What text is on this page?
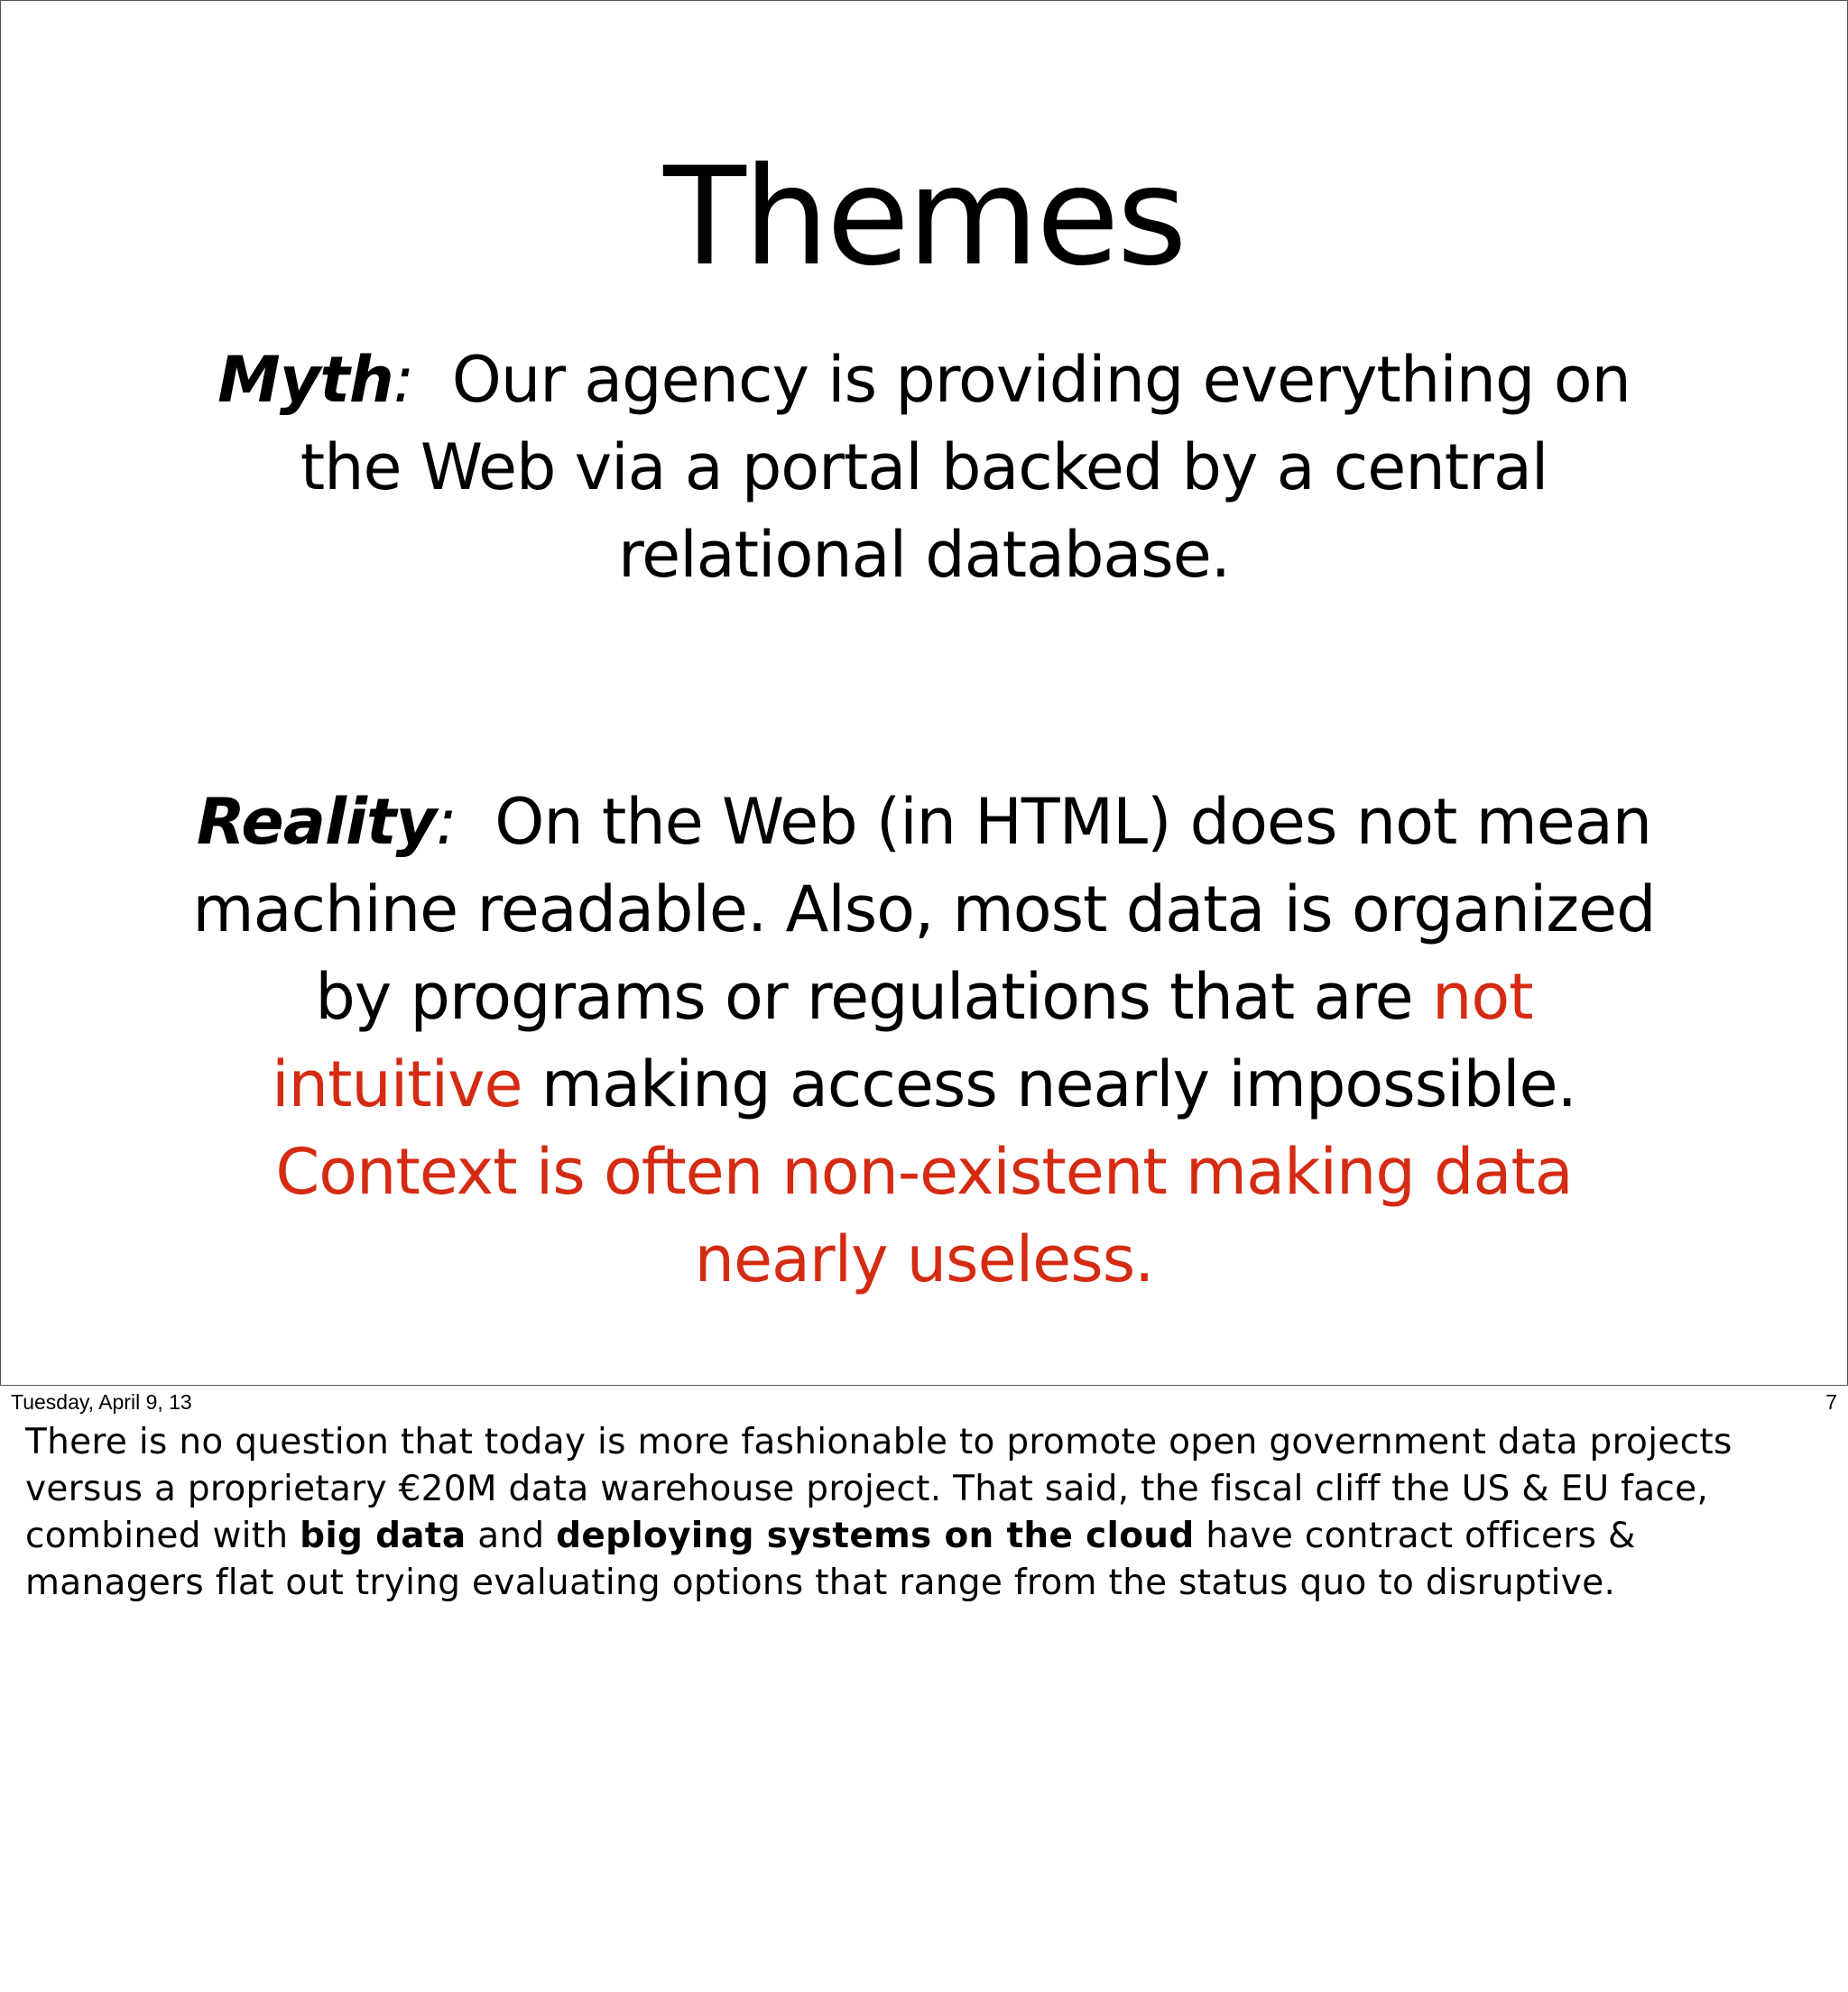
Themes
Myth: Our agency is providing everything on the Web via a portal backed by a central relational database.
Reality: On the Web (in HTML) does not mean machine readable. Also, most data is organized by programs or regulations that are not intuitive making access nearly impossible. Context is often non-existent making data nearly useless.
Tuesday, April 9, 13	7
There is no question that today is more fashionable to promote open government data projects versus a proprietary €20M data warehouse project. That said, the fiscal cliff the US & EU face, combined with big data and deploying systems on the cloud have contract officers & managers flat out trying evaluating options that range from the status quo to disruptive.
